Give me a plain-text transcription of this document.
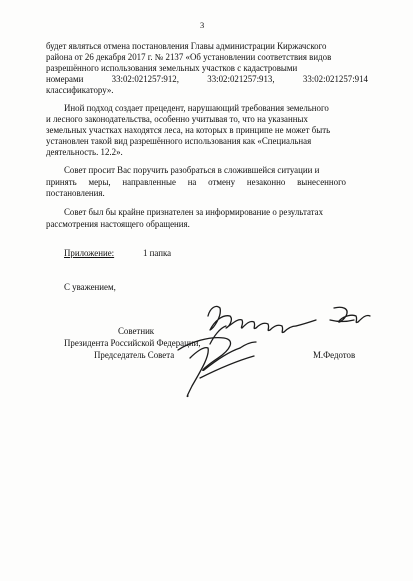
3
будет являться отмена постановления Главы администрации Киржачского
района от 26 декабря 2017 г. № 2137 «Об установлении соответствия видов
разрешённого использования земельных участков с кадастровыми
номерами	33:02:021257:912,	33:02:021257:913,	33:02:021257:914
классификатору».
Иной подход создает прецедент, нарушающий требования земельного
и лесного законодательства, особенно учитывая то, что на указанных
земельных участках находятся леса, на которых в принципе не может быть
установлен такой вид разрешённого использования как «Специальная
деятельность. 12.2».
Совет просит Вас поручить разобраться в сложившейся ситуации и
принять меры, направленные на отмену незаконно вынесенного
постановления.
Совет был бы крайне признателен за информирование о результатах
рассмотрения настоящего обращения.
Приложение:	1 папка
С уважением,
Советник
Президента Российской Федерации,
Председатель Совета	М.Федотов
